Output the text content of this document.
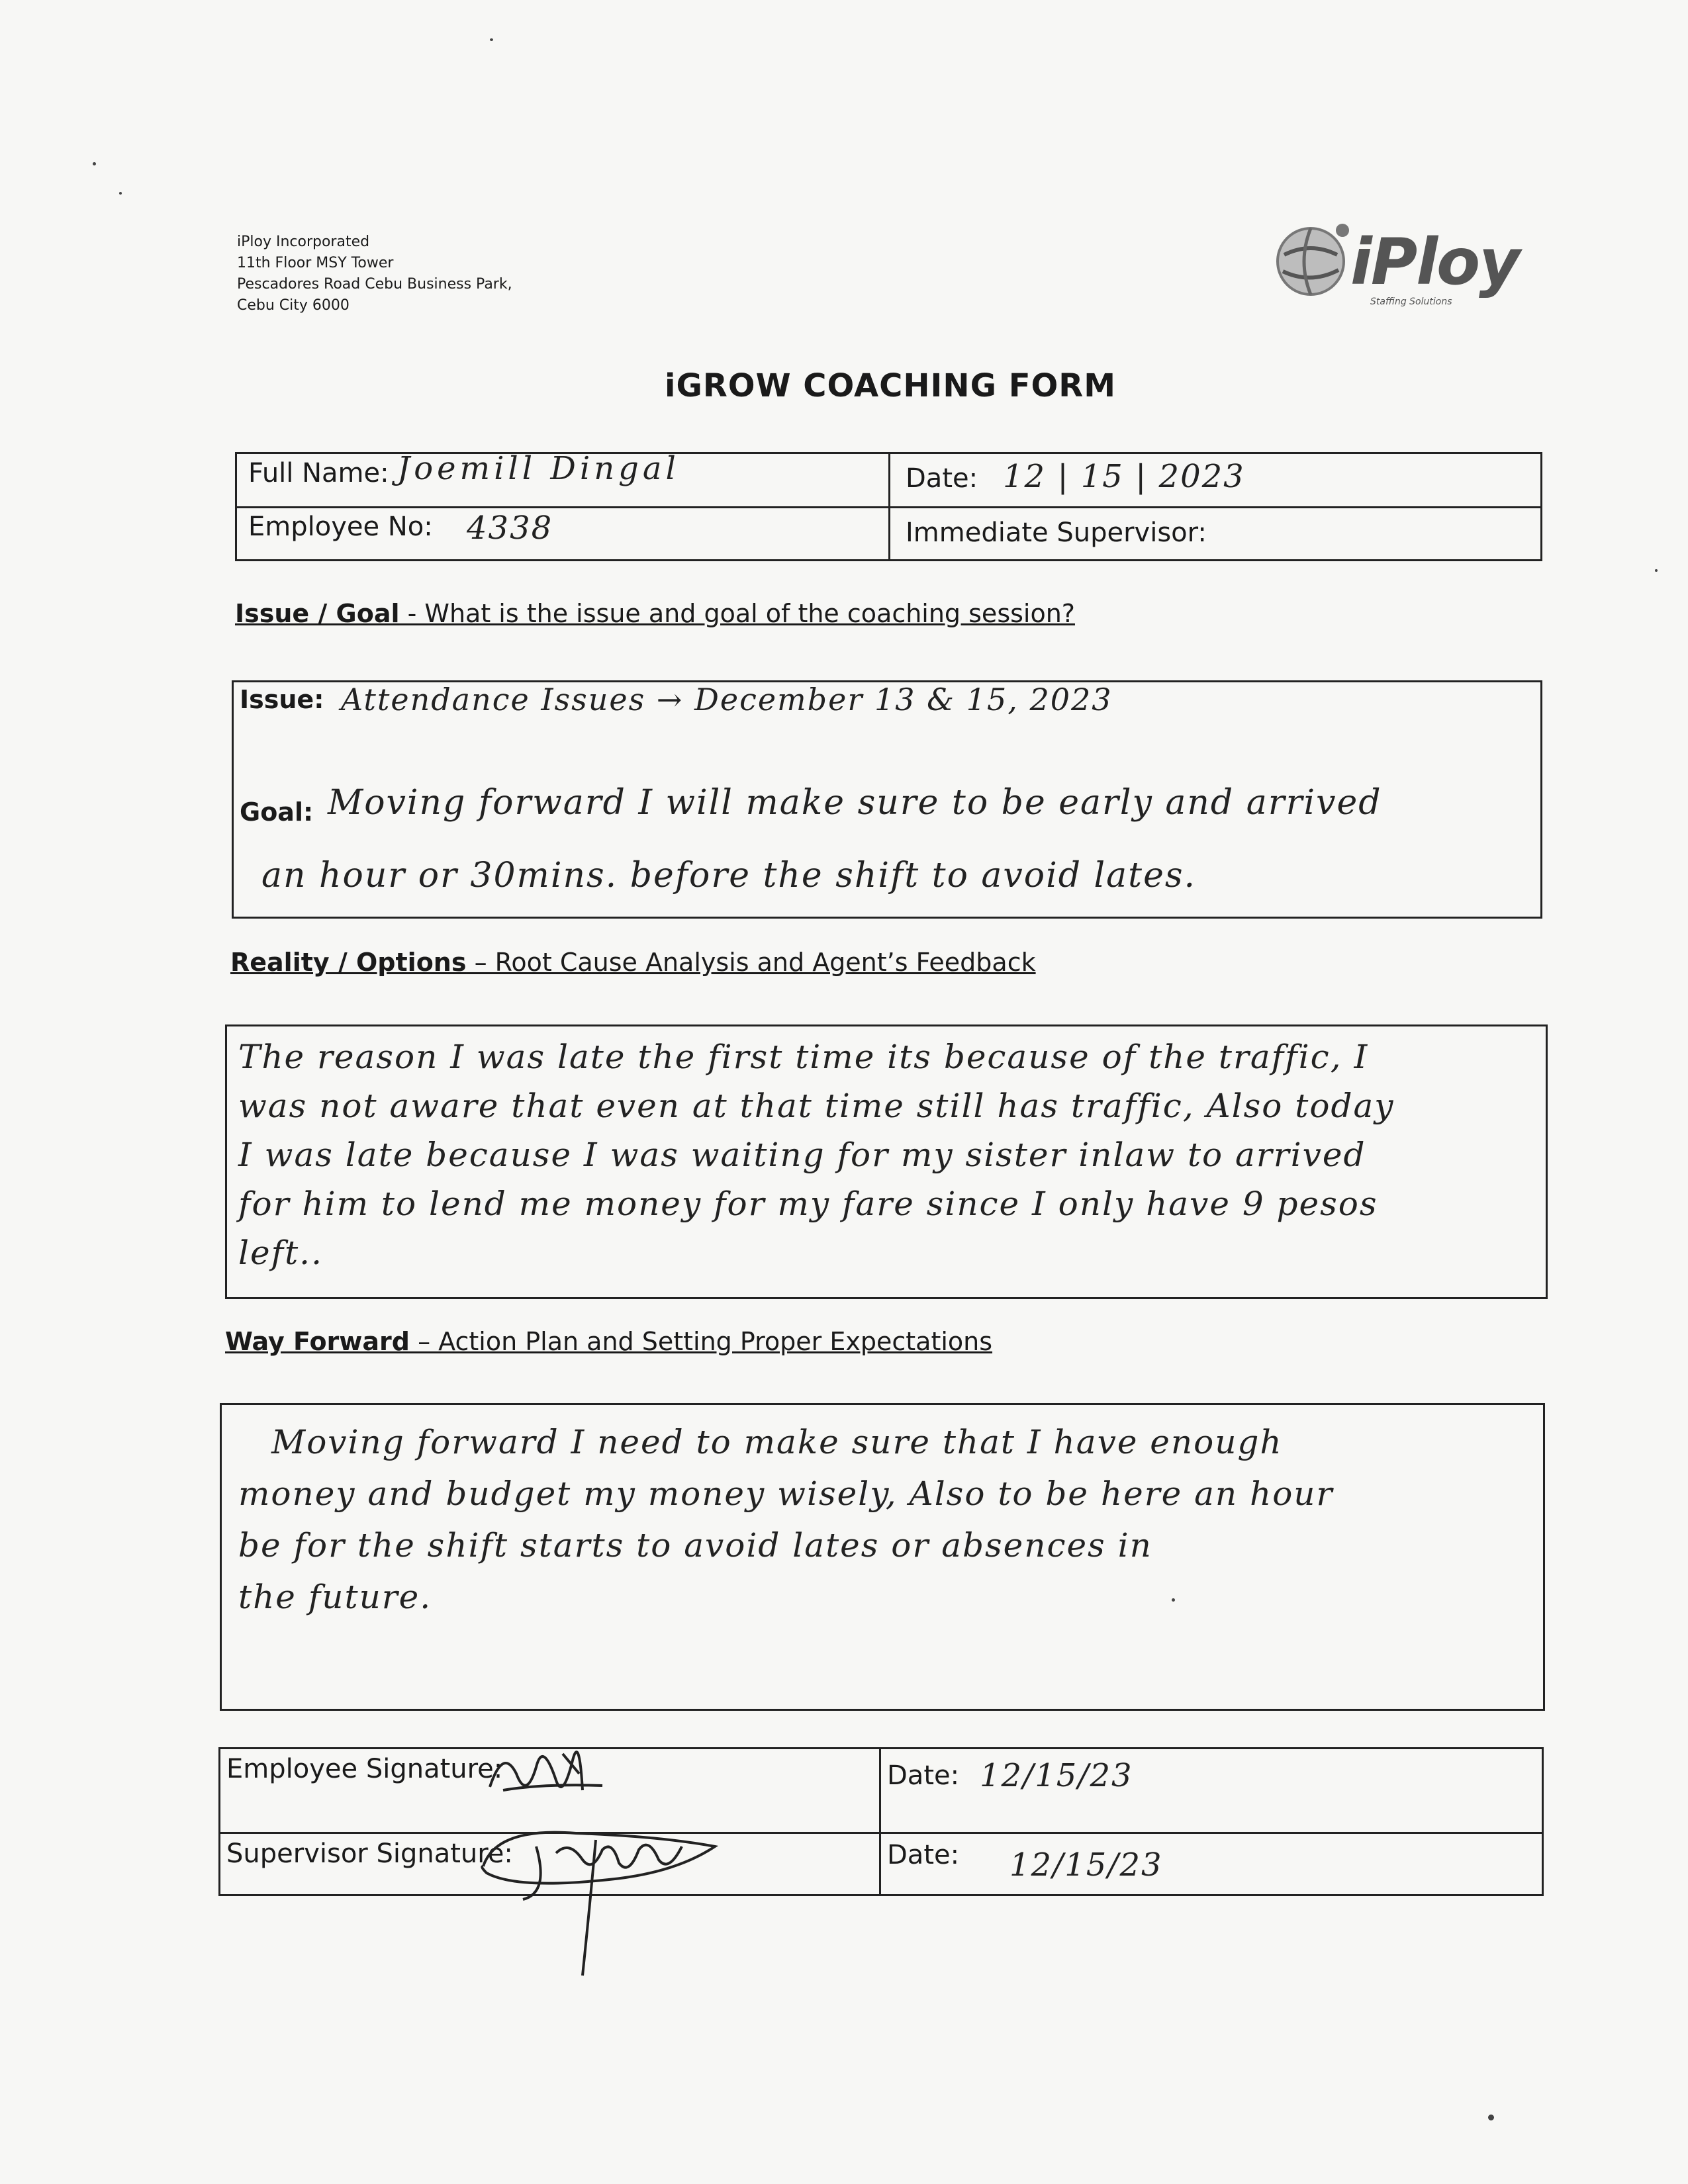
iPloy Incorporated
11th Floor MSY Tower
Pescadores Road Cebu Business Park,
Cebu City 6000
iPloy
Staffing Solutions
iGROW COACHING FORM
Full Name: Joemill Dingal	Date: 12 | 15 | 2023
Employee No: 4338	Immediate Supervisor:
Issue / Goal - What is the issue and goal of the coaching session?
Issue: Attendance Issues → December 13 & 15, 2023
Goal: Moving forward I will make sure to be early and arrived
an hour or 30mins. before the shift to avoid lates.
Reality / Options – Root Cause Analysis and Agent’s Feedback
The reason I was late the first time its because of the traffic, I
was not aware that even at that time still has traffic, Also today
I was late because I was waiting for my sister inlaw to arrived
for him to lend me money for my fare since I only have 9 pesos
left..
Way Forward – Action Plan and Setting Proper Expectations
Moving forward I need to make sure that I have enough
money and budget my money wisely, Also to be here an hour
be for the shift starts to avoid lates or absences in
the future.
Employee Signature:	Date: 12/15/23
Supervisor Signature:	Date: 12/15/23
